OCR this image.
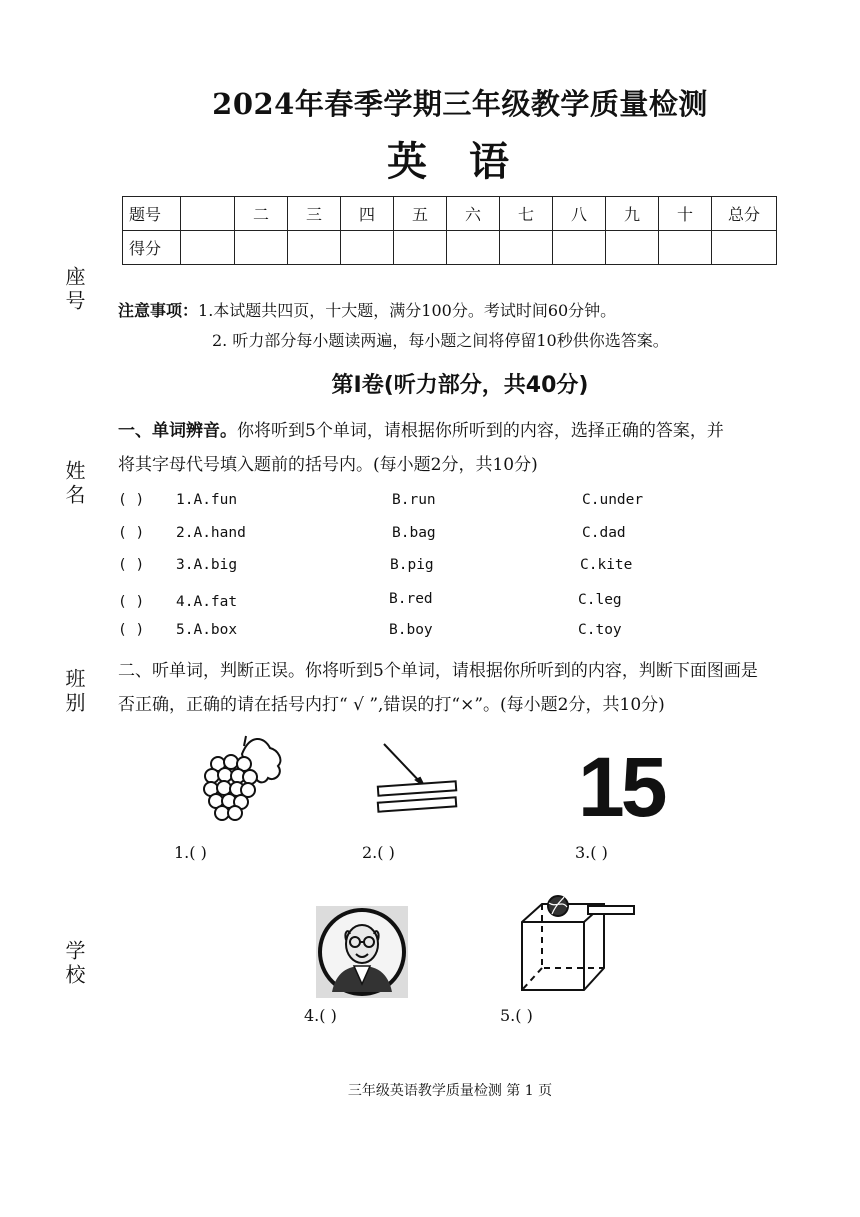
2024年春季学期三年级教学质量检测
英 语
题号		二	三	四	五	六	七	八	九	十	总分
得分											
座号
姓名
班别
学校
注意事项：1.本试题共四页，十大题，满分100分。考试时间60分钟。
2. 听力部分每小题读两遍，每小题之间将停留10秒供你选答案。
第I卷(听力部分，共40分)
一、单词辨音。你将听到5个单词，请根据你所听到的内容，选择正确的答案，并
将其字母代号填入题前的括号内。(每小题2分，共10分)
( ) 1.A.fun	B.run	C.under
( ) 2.A.hand	B.bag	C.dad
( ) 3.A.big	B.pig	C.kite
( ) 4.A.fat	B.red	C.leg
( ) 5.A.box	B.boy	C.toy
二、听单词，判断正误。你将听到5个单词，请根据你所听到的内容，判断下面图画是
否正确，正确的请在括号内打“ √ ”,错误的打“×”。(每小题2分，共10分)
15
1.( )	2.( )	3.( )
4.( )	5.( )
三年级英语教学质量检测 第 1 页
